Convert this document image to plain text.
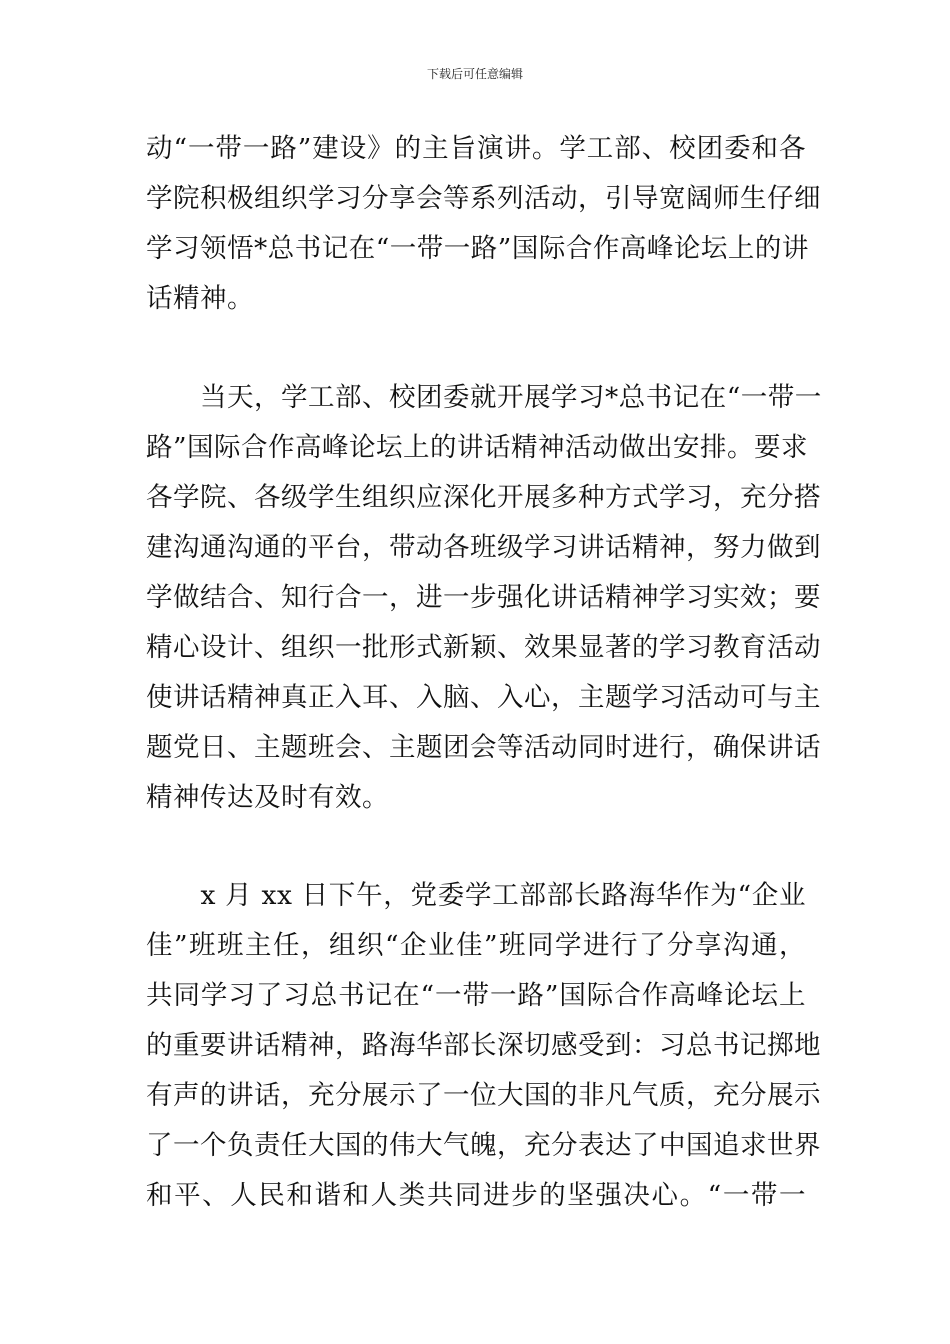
下载后可任意编辑
动“一带一路”建设》的主旨演讲。学工部、校团委和各
学院积极组织学习分享会等系列活动，引导宽阔师生仔细
学习领悟*总书记在“一带一路”国际合作高峰论坛上的讲
话精神。
　　当天，学工部、校团委就开展学习*总书记在“一带一
路”国际合作高峰论坛上的讲话精神活动做出安排。要求
各学院、各级学生组织应深化开展多种方式学习，充分搭
建沟通沟通的平台，带动各班级学习讲话精神，努力做到
学做结合、知行合一，进一步强化讲话精神学习实效；要
精心设计、组织一批形式新颖、效果显著的学习教育活动
使讲话精神真正入耳、入脑、入心，主题学习活动可与主
题党日、主题班会、主题团会等活动同时进行，确保讲话
精神传达及时有效。
　　x 月 xx 日下午，党委学工部部长路海华作为“企业
佳”班班主任，组织“企业佳”班同学进行了分享沟通，
共同学习了习总书记在“一带一路”国际合作高峰论坛上
的重要讲话精神，路海华部长深切感受到：习总书记掷地
有声的讲话，充分展示了一位大国的非凡气质，充分展示
了一个负责任大国的伟大气魄，充分表达了中国追求世界
和平、人民和谐和人类共同进步的坚强决心。“一带一
